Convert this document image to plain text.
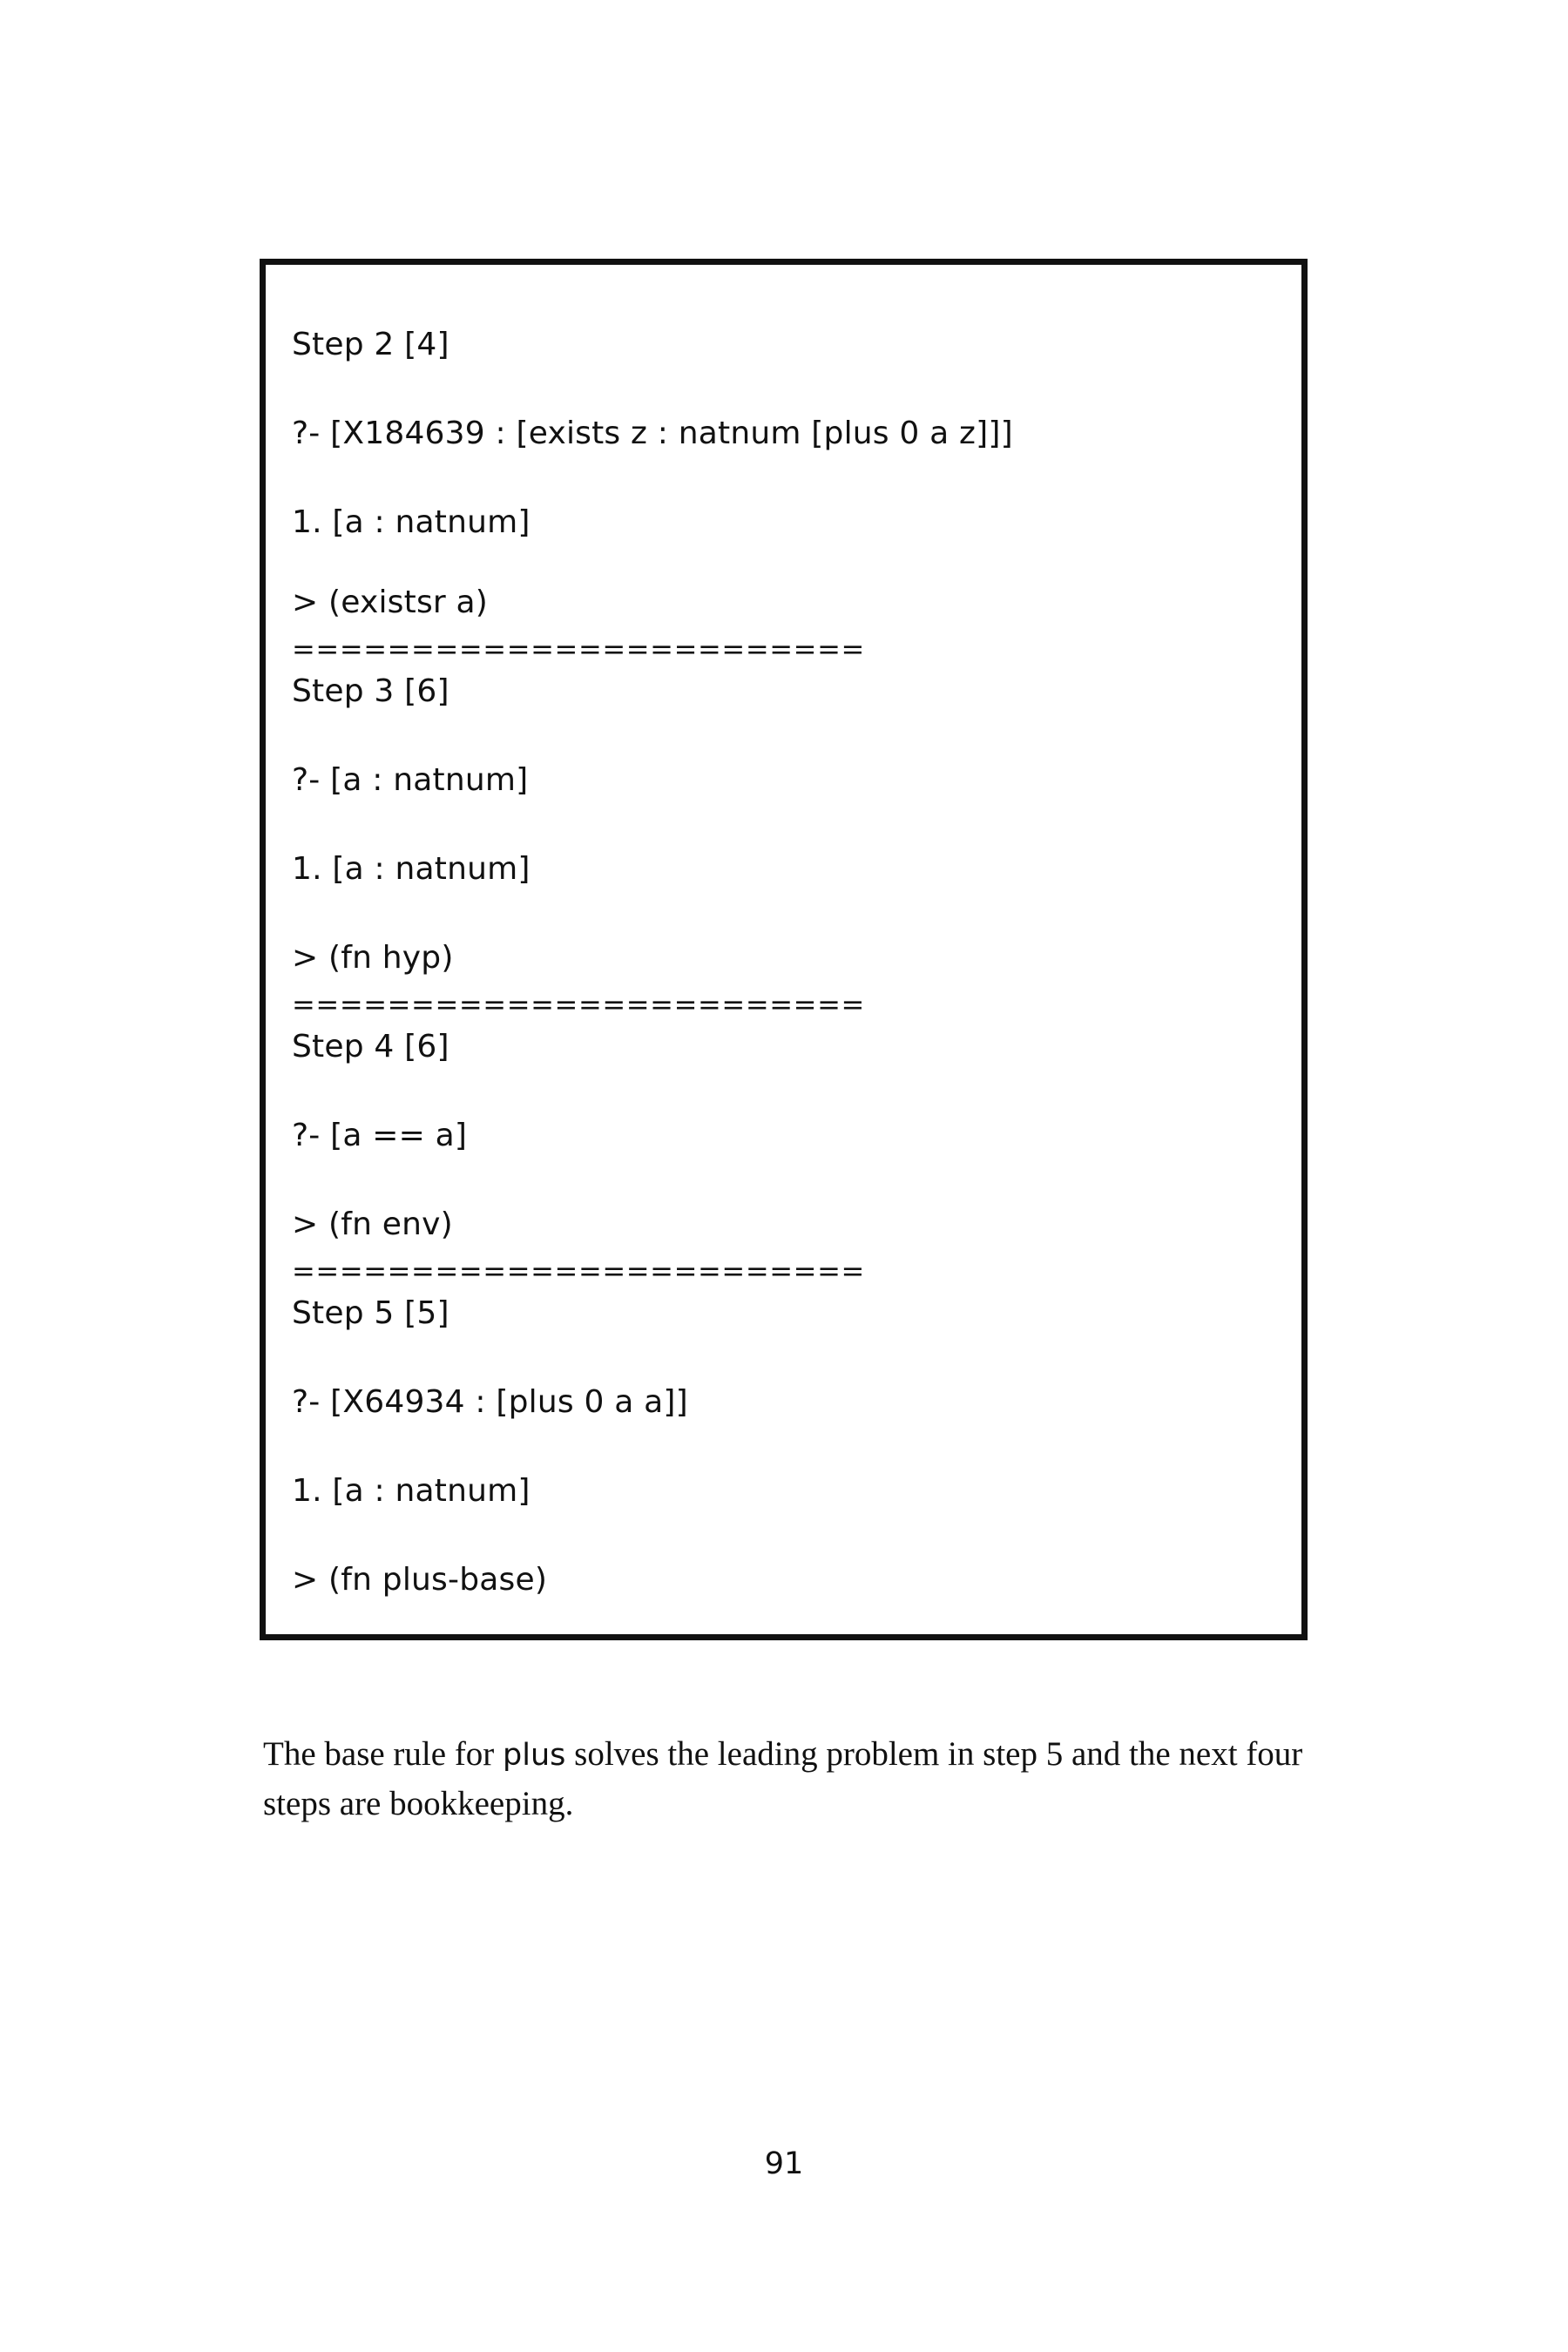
Step 2 [4]
?- [X184639 : [exists z : natnum [plus 0 a z]]]
1. [a : natnum]
> (existsr a)
========================
Step 3 [6]
?- [a : natnum]
1. [a : natnum]
> (fn hyp)
========================
Step 4 [6]
?- [a == a]
> (fn env)
========================
Step 5 [5]
?- [X64934 : [plus 0 a a]]
1. [a : natnum]
> (fn plus-base)

The base rule for plus solves the leading problem in step 5 and the next four steps are bookkeeping.

91
